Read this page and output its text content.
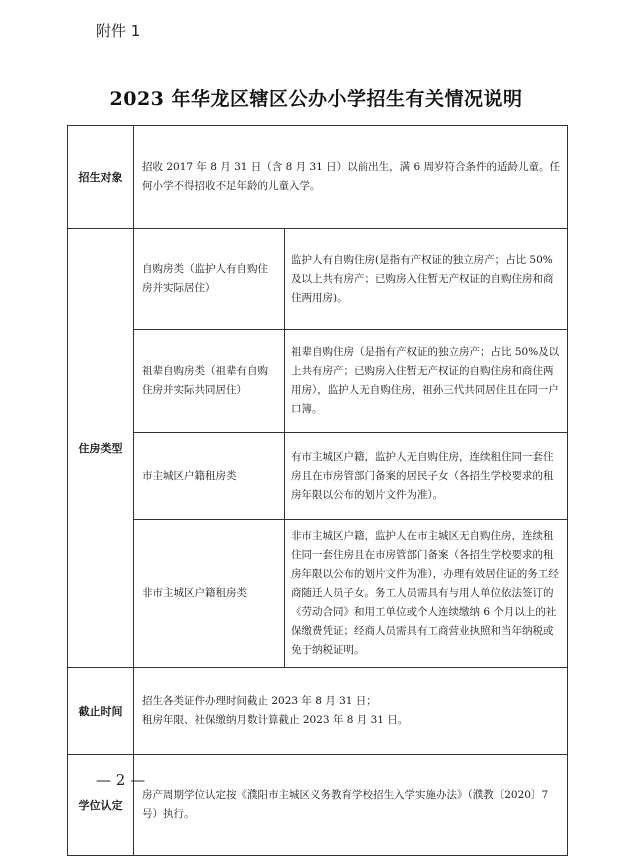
附件 1
2023 年华龙区辖区公办小学招生有关情况说明
招生对象	招收 2017 年 8 月 31 日（含 8 月 31 日）以前出生，满 6 周岁符合条件的适龄儿童。任何小学不得招收不足年龄的儿童入学。	
住房类型	自购房类（监护人有自购住房并实际居住）	监护人有自购住房(是指有产权证的独立房产；占比 50%及以上共有房产；已购房入住暂无产权证的自购住房和商住两用房)。
	祖辈自购房类（祖辈有自购住房并实际共同居住）	祖辈自购住房（是指有产权证的独立房产；占比 50%及以上共有房产；已购房入住暂无产权证的自购住房和商住两用房），监护人无自购住房，祖孙三代共同居住且在同一户口簿。
	市主城区户籍租房类	有市主城区户籍，监护人无自购住房，连续租住同一套住房且在市房管部门备案的居民子女（各招生学校要求的租房年限以公布的划片文件为准）。
	非市主城区户籍租房类	非市主城区户籍，监护人在市主城区无自购住房，连续租住同一套住房且在市房管部门备案（各招生学校要求的租房年限以公布的划片文件为准），办理有效居住证的务工经商随迁人员子女。务工人员需具有与用人单位依法签订的《劳动合同》和用工单位或个人连续缴纳 6 个月以上的社保缴费凭证；经商人员需具有工商营业执照和当年纳税或免于纳税证明。
截止时间	招生各类证件办理时间截止 2023 年 8 月 31 日；
租房年限、社保缴纳月数计算截止 2023 年 8 月 31 日。	

学位认定	房产周期学位认定按《濮阳市主城区义务教育学校招生入学实施办法》（濮教〔2020〕7 号）执行。	
— 2 —
